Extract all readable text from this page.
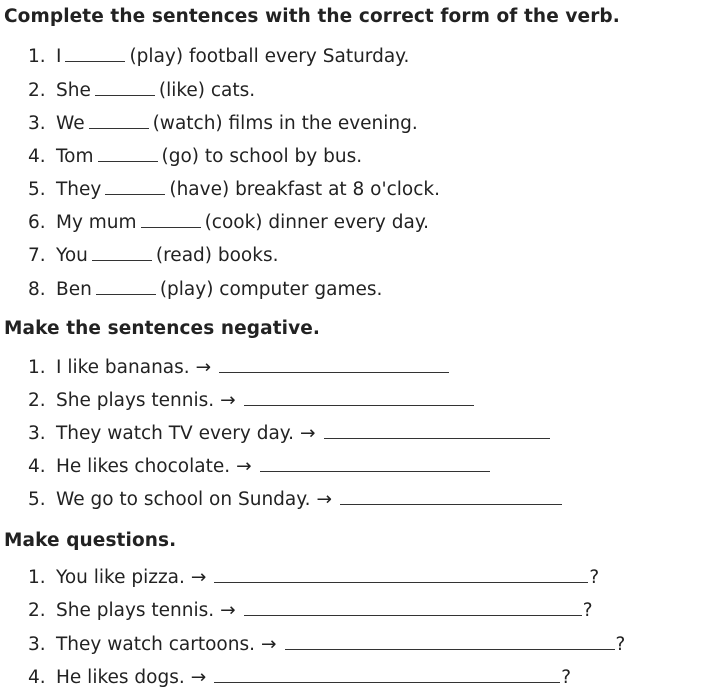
Complete the sentences with the correct form of the verb.
1. I	(play) football every Saturday.
2. She	(like) cats.
3. We	(watch) films in the evening.
4. Tom	(go) to school by bus.
5. They	(have) breakfast at 8 o'clock.
6. My mum	(cook) dinner every day.
7. You	(read) books.
8. Ben	(play) computer games.
Make the sentences negative.
1. I like bananas. →
2. She plays tennis. →
3. They watch TV every day. →
4. He likes chocolate. →
5. We go to school on Sunday. →
Make questions.
1. You like pizza. →	?
2. She plays tennis. →	?
3. They watch cartoons. →	?
4. He likes dogs. →	?
